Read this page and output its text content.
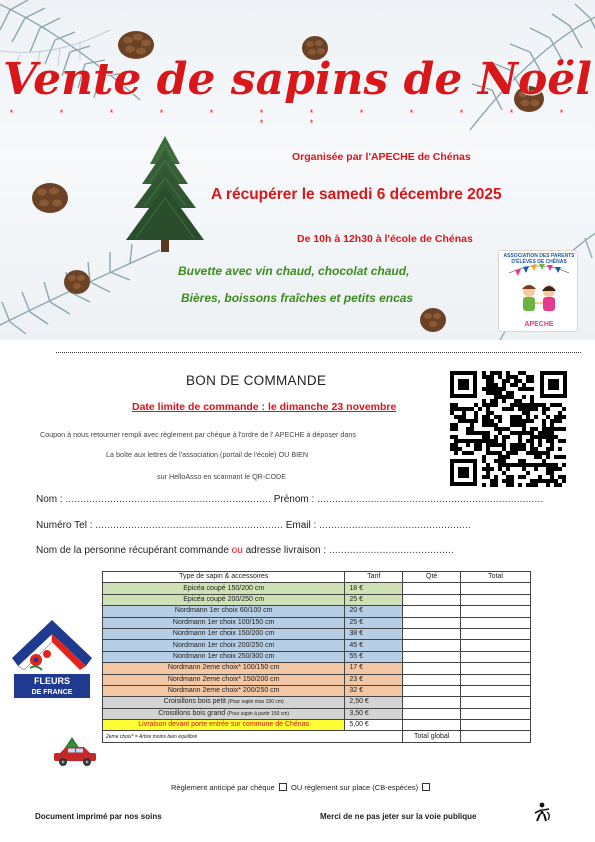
Vente de sapins de Noël
* * * * * * * * * * * * * *
Organisée par l'APECHE de Chénas
A récupérer le samedi 6 décembre 2025
De 10h à 12h30 à l'école de Chénas
Buvette avec vin chaud, chocolat chaud,
Bières, boissons fraîches et petits encas
ASSOCIATION DES PARENTS D'ÉLÈVES DE CHÉNAS
APECHE
BON DE COMMANDE
Date limite de commande : le dimanche 23 novembre
Coupon à nous retourner rempli avec règlement par chèque à l'ordre de l' APECHE à déposer dans
La boîte aux lettres de l'association (portail de l'école) OU BIEN
sur HelloAsso en scannant le QR-CODE
Nom : ..................................................................... Prénom : ............................................................................
Numéro Tel : ............................................................... Email : ...................................................
Nom de la personne récupérant commande ou adresse livraison : ..........................................
Type de sapin & accessoires	Tarif	Qté	Total
Epicéa coupé 150/200 cm	18 €		
Epicéa coupé 200/250 cm	25 €		
Nordmann 1er choix 60/100 cm	20 €		
Nordmann 1er choix 100/150 cm	25 €		
Nordmann 1er choix 150/200 cm	38 €		
Nordmann 1er choix 200/250 cm	45 €		
Nordmann 1er choix 250/300 cm	55 €		
Nordmann 2eme choix* 100/150 cm	17 €		
Nordmann 2eme choix* 150/200 cm	23 €		
Nordmann 2eme choix* 200/250 cm	32 €		
Croisillons bois petit (Pour sapin max 150 cm)	2,50 €		
Croisillons bois grand (Pour sapin à partir 150 cm)	3,50 €		
Livraison devant porte entrée sur commune de Chénas	5,00 €		
2eme choix* = Arbre moins bien équilibré		Total global	
Règlement anticipé par chèque OU règlement sur place (CB-espèces)
FLEURS
DE FRANCE
Document imprimé par nos soins	Merci de ne pas jeter sur la voie publique
